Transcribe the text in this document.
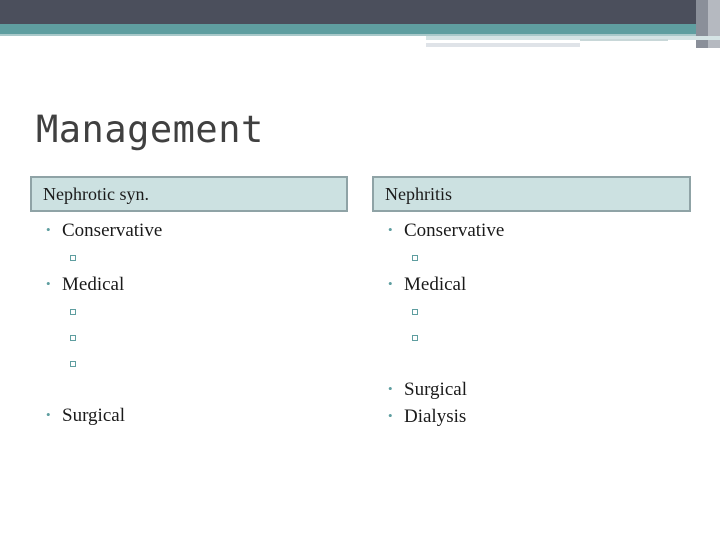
Management
Nephrotic syn.	Nephritis
• Conservative
• Medical
• Surgical
• Conservative
• Medical
• Surgical
• Dialysis
